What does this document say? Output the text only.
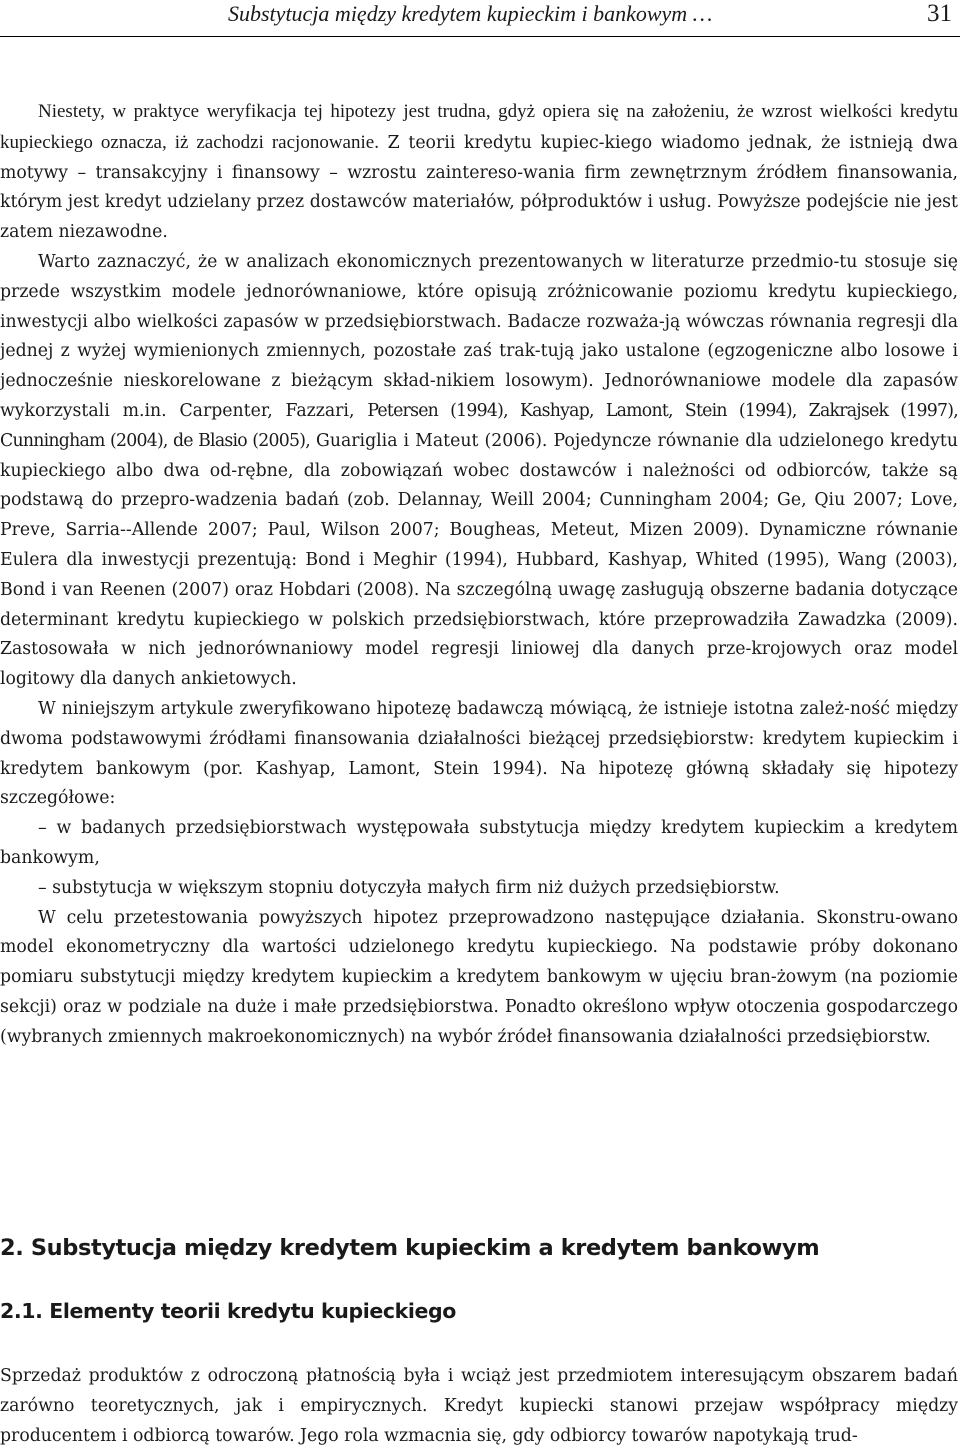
Substytucja między kredytem kupieckim i bankowym …	31

Niestety, w praktyce weryfikacja tej hipotezy jest trudna, gdyż opiera się na założeniu, że wzrost wielkości kredytu kupieckiego oznacza, iż zachodzi racjonowanie. Z teorii kredytu kupiec-kiego wiadomo jednak, że istnieją dwa motywy – transakcyjny i finansowy – wzrostu zaintereso-wania firm zewnętrznym źródłem finansowania, którym jest kredyt udzielany przez dostawców materiałów, półproduktów i usług. Powyższe podejście nie jest zatem niezawodne.

Warto zaznaczyć, że w analizach ekonomicznych prezentowanych w literaturze przedmio-tu stosuje się przede wszystkim modele jednorównaniowe, które opisują zróżnicowanie poziomu kredytu kupieckiego, inwestycji albo wielkości zapasów w przedsiębiorstwach. Badacze rozważa-ją wówczas równania regresji dla jednej z wyżej wymienionych zmiennych, pozostałe zaś trak-tują jako ustalone (egzogeniczne albo losowe i jednocześnie nieskorelowane z bieżącym skład-nikiem losowym). Jednorównaniowe modele dla zapasów wykorzystali m.in. Carpenter, Fazzari, Petersen (1994), Kashyap, Lamont, Stein (1994), Zakrajsek (1997), Cunningham (2004), de Blasio (2005), Guariglia i Mateut (2006). Pojedyncze równanie dla udzielonego kredytu kupieckiego albo dwa od-rębne, dla zobowiązań wobec dostawców i należności od odbiorców, także są podstawą do przepro-wadzenia badań (zob. Delannay, Weill 2004; Cunningham 2004; Ge, Qiu 2007; Love, Preve, Sarria--Allende 2007; Paul, Wilson 2007; Bougheas, Meteut, Mizen 2009). Dynamiczne równanie Eulera dla inwestycji prezentują: Bond i Meghir (1994), Hubbard, Kashyap, Whited (1995), Wang (2003), Bond i van Reenen (2007) oraz Hobdari (2008). Na szczególną uwagę zasługują obszerne badania dotyczące determinant kredytu kupieckiego w polskich przedsiębiorstwach, które przeprowadziła Zawadzka (2009). Zastosowała w nich jednorównaniowy model regresji liniowej dla danych prze-krojowych oraz model logitowy dla danych ankietowych.

W niniejszym artykule zweryfikowano hipotezę badawczą mówiącą, że istnieje istotna zależ-ność między dwoma podstawowymi źródłami finansowania działalności bieżącej przedsiębiorstw: kredytem kupieckim i kredytem bankowym (por. Kashyap, Lamont, Stein 1994). Na hipotezę główną składały się hipotezy szczegółowe:

– w badanych przedsiębiorstwach występowała substytucja między kredytem kupieckim a kredytem bankowym,

– substytucja w większym stopniu dotyczyła małych firm niż dużych przedsiębiorstw.

W celu przetestowania powyższych hipotez przeprowadzono następujące działania. Skonstru-owano model ekonometryczny dla wartości udzielonego kredytu kupieckiego. Na podstawie próby dokonano pomiaru substytucji między kredytem kupieckim a kredytem bankowym w ujęciu bran-żowym (na poziomie sekcji) oraz w podziale na duże i małe przedsiębiorstwa. Ponadto określono wpływ otoczenia gospodarczego (wybranych zmiennych makroekonomicznych) na wybór źródeł finansowania działalności przedsiębiorstw.

2. Substytucja między kredytem kupieckim a kredytem bankowym
2.1. Elementy teorii kredytu kupieckiego

Sprzedaż produktów z odroczoną płatnością była i wciąż jest przedmiotem interesującym obszarem badań zarówno teoretycznych, jak i empirycznych. Kredyt kupiecki stanowi przejaw współpracy między producentem i odbiorcą towarów. Jego rola wzmacnia się, gdy odbiorcy towarów napotykają trud-
